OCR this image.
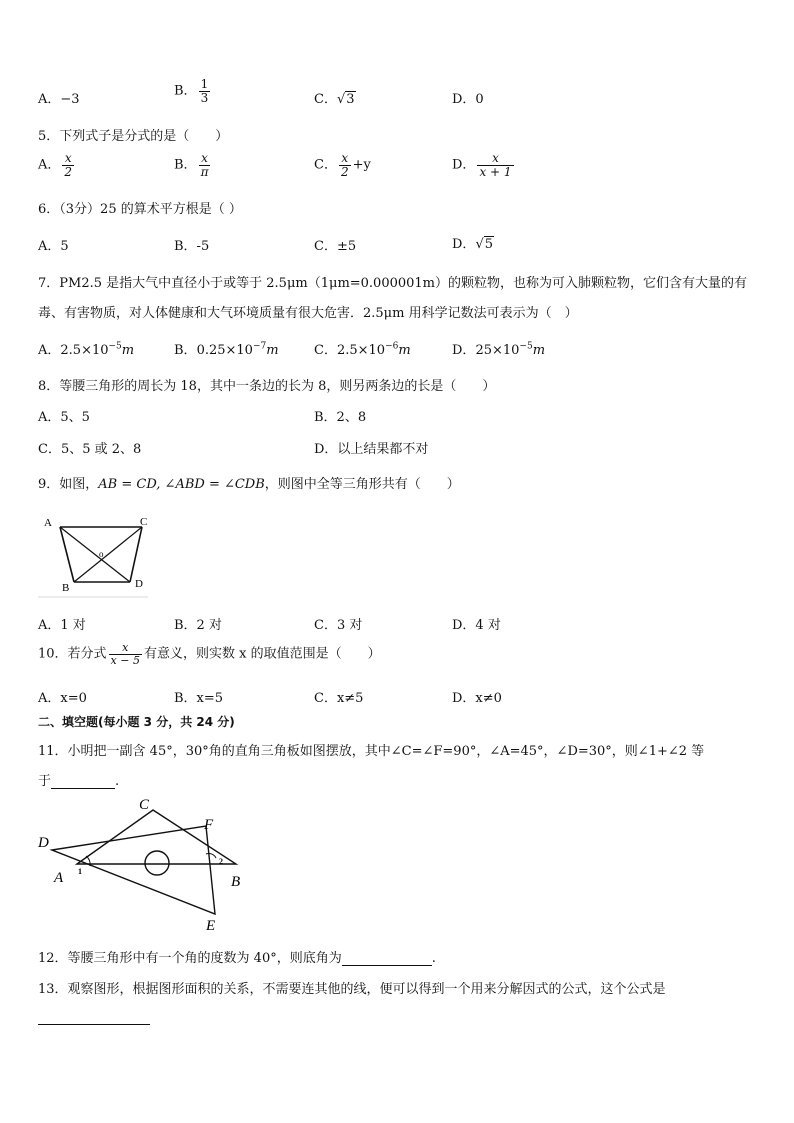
A．−3
B． $\frac{1}{3}$	C．√3	D．0
5．下列式子是分式的是（　　）
A． $\frac{x}{2}$	B． $\frac{x}{\pi}$	C． $\frac{x}{2} +y$	D． $\frac{x}{x + 1}$
6．（3分）25 的算术平方根是（ ）
A．5	B．-5	C．±5	D．√5
7．PM2.5 是指大气中直径小于或等于 2.5μm（1μm=0.000001m）的颗粒物，也称为可入肺颗粒物，它们含有大量的有
毒、有害物质，对人体健康和大气环境质量有很大危害．2.5μm 用科学记数法可表示为（　）
A．$2.5\times 10^{-5}m$	B．$0.25\times 10^{-7}m$	C．$2.5\times 10^{-6}m$	D．$25\times 10^{-5}m$
8．等腰三角形的周长为 18，其中一条边的长为 8，则另两条边的长是（　　）
A．5、5	B．2、8
C．5、5 或 2、8	D．以上结果都不对
9．如图，AB = CD, ∠ABD = ∠CDB，则图中全等三角形共有（　　）
A	C
B	D
o
A．1 对	B．2 对	C．3 对	D．4 对
10．若分式 $\frac{x}{x - 5}$ 有意义，则实数 x 的取值范围是（　　）
A．x=0	B．x=5	C．x≠5	D．x≠0
二、填空题(每小题 3 分，共 24 分)
11．小明把一副含 45°，30°角的直角三角板如图摆放，其中∠C=∠F=90°，∠A=45°，∠D=30°，则∠1+∠2 等
于	.
A	B
C
D
E
F
1
2
12．等腰三角形中有一个角的度数为 40°，则底角为	.
13．观察图形，根据图形面积的关系，不需要连其他的线，便可以得到一个用来分解因式的公式，这个公式是
